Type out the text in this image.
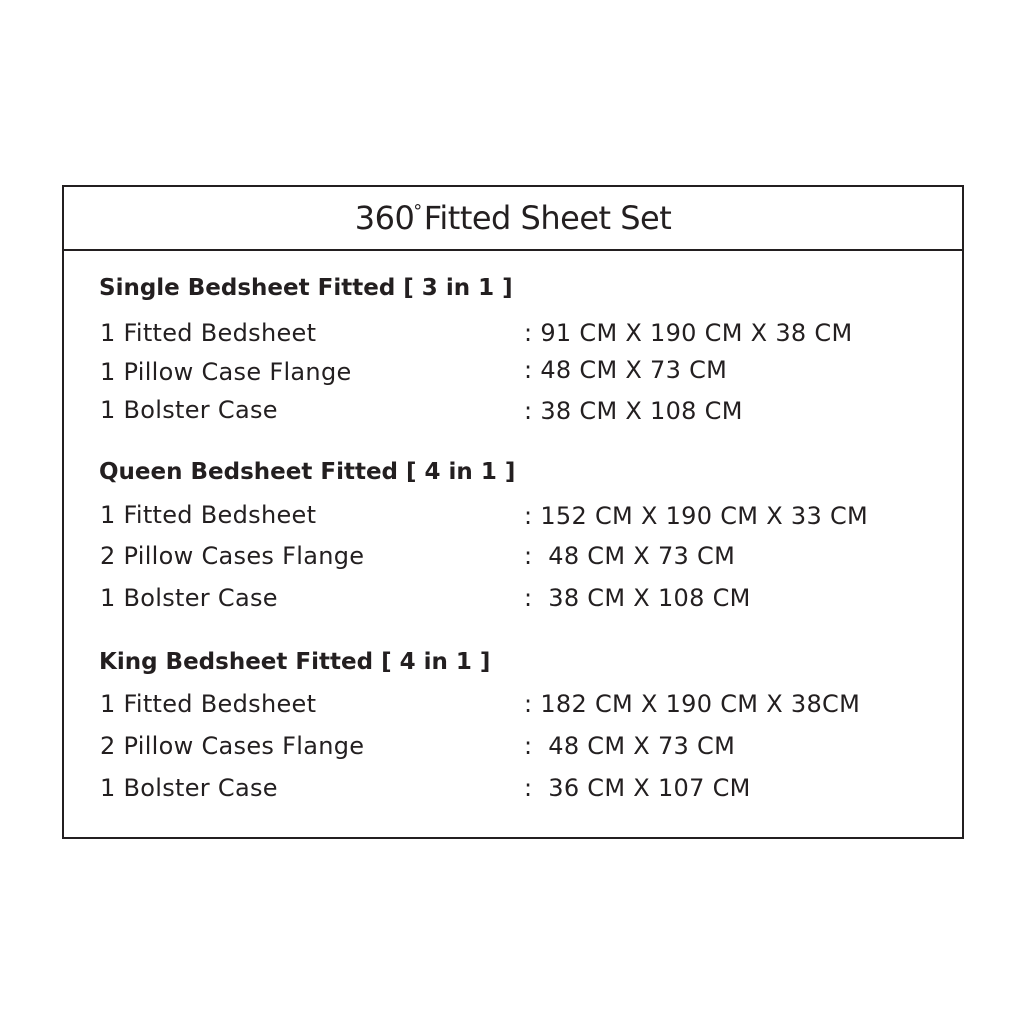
360°Fitted Sheet Set
Single Bedsheet Fitted [ 3 in 1 ]
1 Fitted Bedsheet	: 91 CM X 190 CM X 38 CM
1 Pillow Case Flange	: 48 CM X 73 CM
1 Bolster Case	: 38 CM X 108 CM
Queen Bedsheet Fitted [ 4 in 1 ]
1 Fitted Bedsheet	: 152 CM X 190 CM X 33 CM
2 Pillow Cases Flange	:  48 CM X 73 CM
1 Bolster Case	:  38 CM X 108 CM
King Bedsheet Fitted [ 4 in 1 ]
1 Fitted Bedsheet	: 182 CM X 190 CM X 38CM
2 Pillow Cases Flange	:  48 CM X 73 CM
1 Bolster Case	:  36 CM X 107 CM
